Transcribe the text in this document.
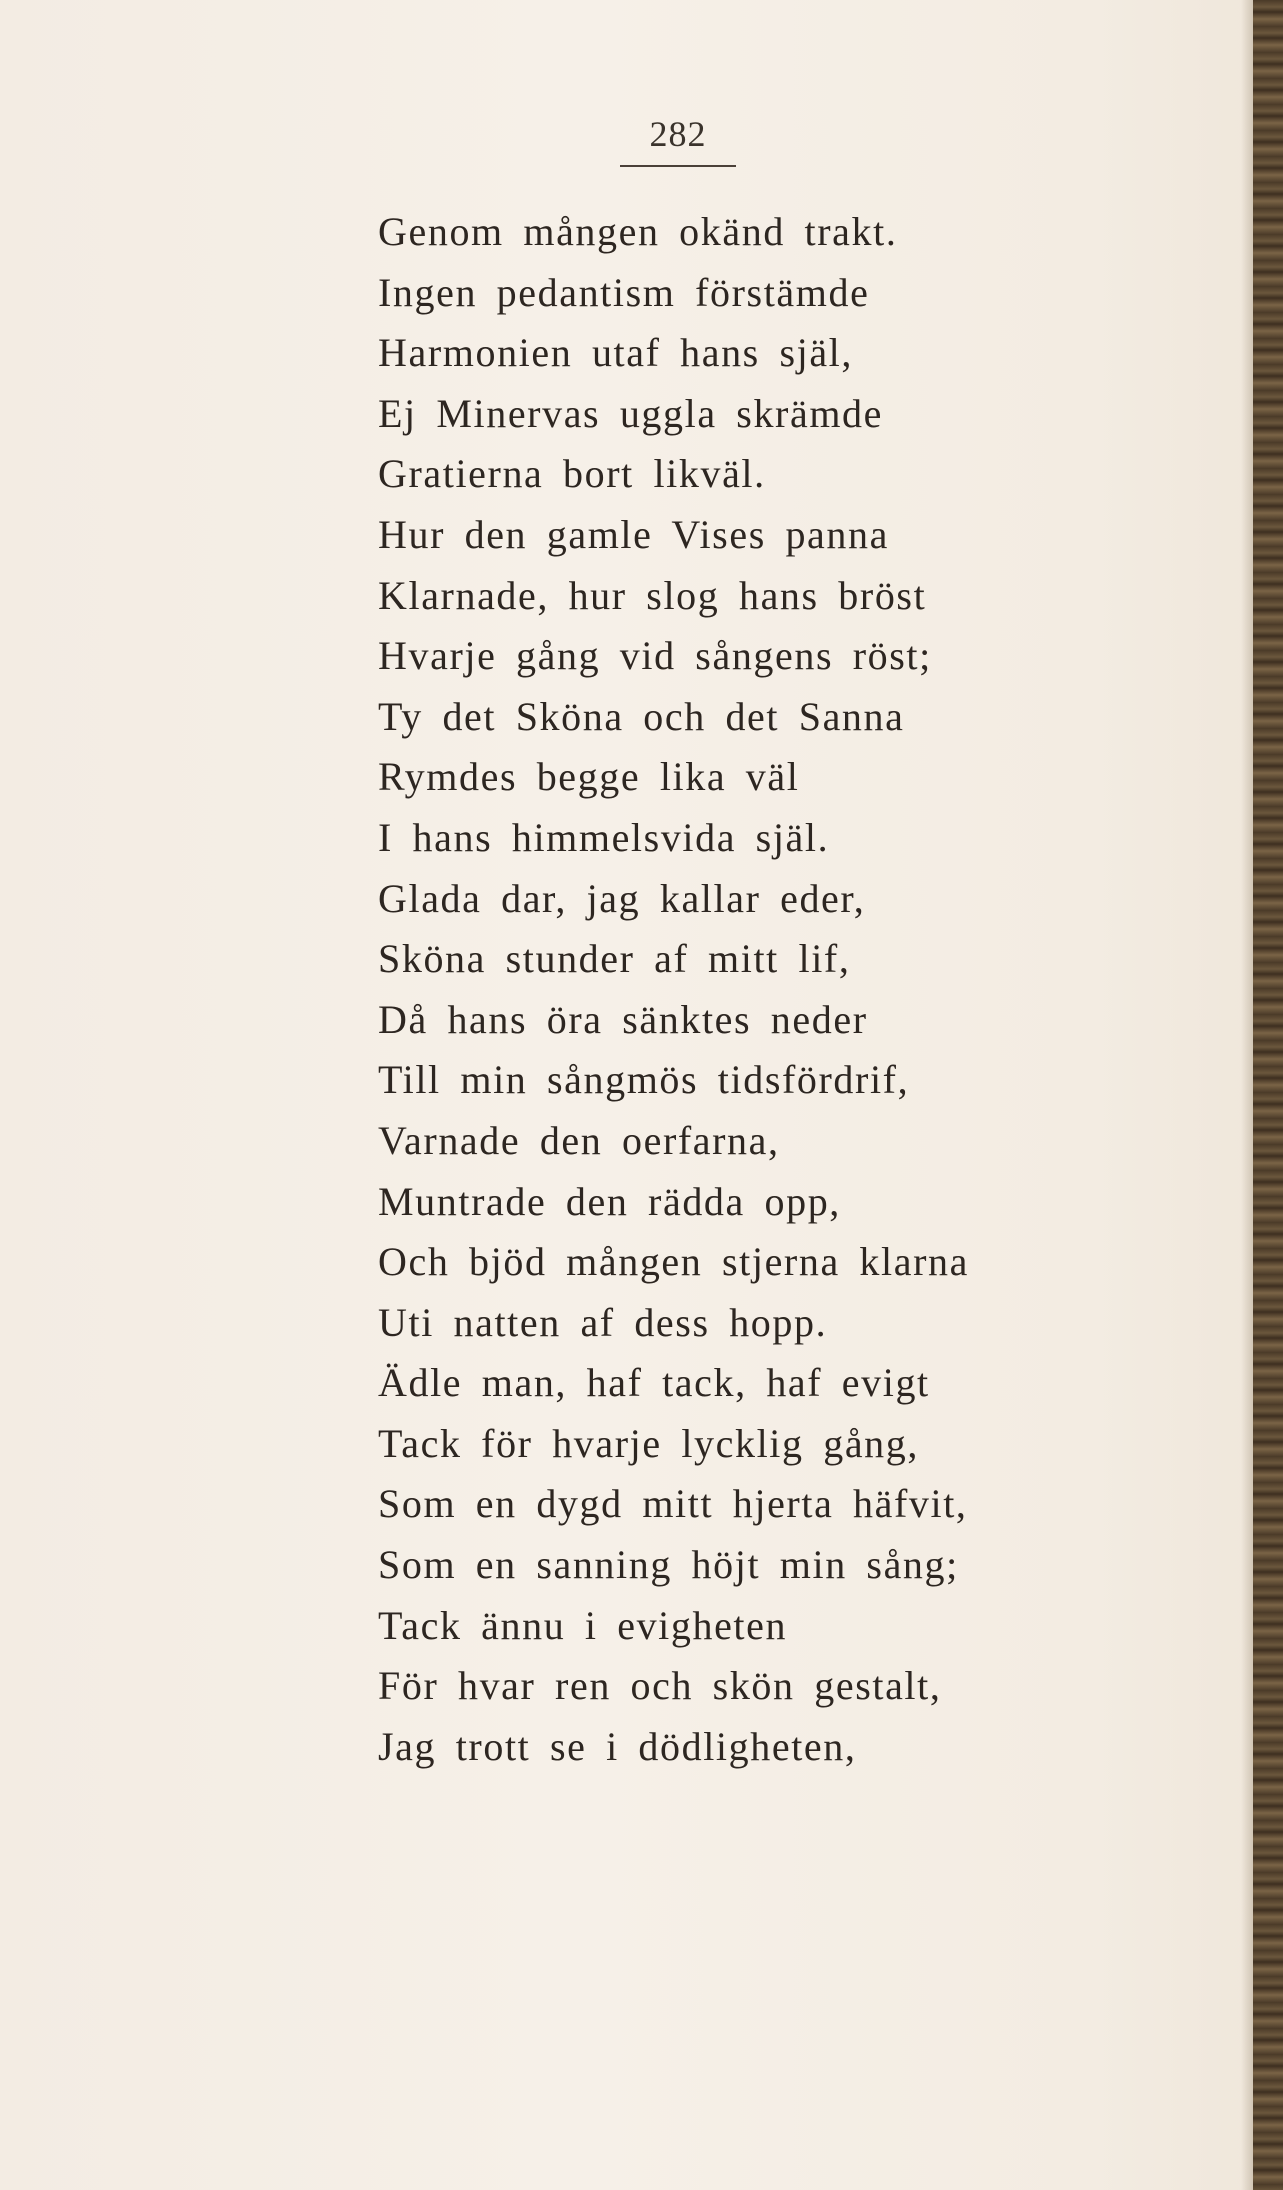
282
Genom mången okänd trakt.
Ingen pedantism förstämde
Harmonien utaf hans själ,
Ej Minervas uggla skrämde
Gratierna bort likväl.
Hur den gamle Vises panna
Klarnade, hur slog hans bröst
Hvarje gång vid sångens röst;
Ty det Sköna och det Sanna
Rymdes begge lika väl
I hans himmelsvida själ.
Glada dar, jag kallar eder,
Sköna stunder af mitt lif,
Då hans öra sänktes neder
Till min sångmös tidsfördrif,
Varnade den oerfarna,
Muntrade den rädda opp,
Och bjöd mången stjerna klarna
Uti natten af dess hopp.
Ädle man, haf tack, haf evigt
Tack för hvarje lycklig gång,
Som en dygd mitt hjerta häfvit,
Som en sanning höjt min sång;
Tack ännu i evigheten
För hvar ren och skön gestalt,
Jag trott se i dödligheten,
